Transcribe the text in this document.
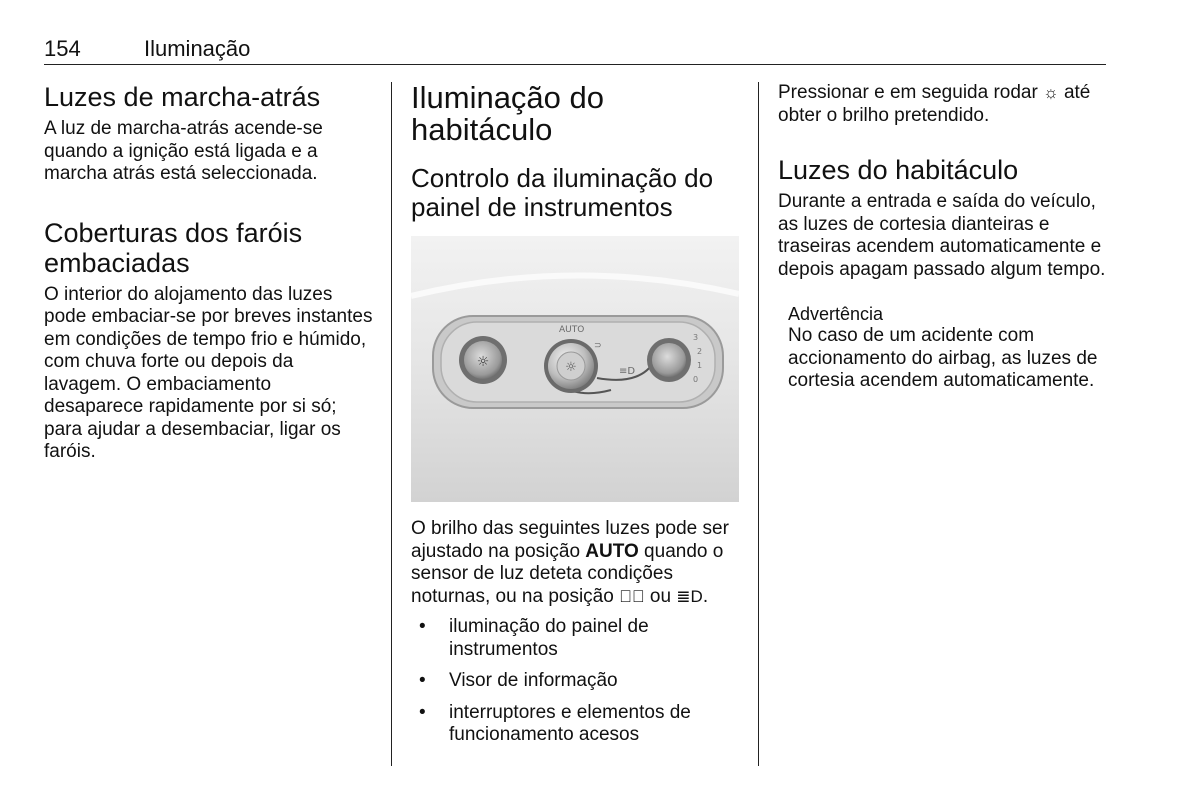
154	Iluminação
Luzes de marcha-atrás

A luz de marcha-atrás acende-se quando a ignição está ligada e a marcha atrás está seleccionada.

Coberturas dos faróis embaciadas

O interior do alojamento das luzes pode embaciar-se por breves instantes em condições de tempo frio e húmido, com chuva forte ou depois da lavagem. O embaciamento desaparece rapidamente por si só; para ajudar a desembaciar, ligar os faróis.

Iluminação do habitáculo
Controlo da iluminação do painel de instrumentos
☼	☼
AUTO
⊃
≡D
3
2
1
0

O brilho das seguintes luzes pode ser ajustado na posição AUTO quando o sensor de luz deteta condições noturnas, ou na posição ⁼᪷ ou ≣D.

• iluminação do painel de instrumentos
• Visor de informação
• interruptores e elementos de funcionamento acesos

Pressionar e em seguida rodar ☼ até obter o brilho pretendido.

Luzes do habitáculo

Durante a entrada e saída do veículo, as luzes de cortesia dianteiras e traseiras acendem automaticamente e depois apagam passado algum tempo.

Advertência

No caso de um acidente com accionamento do airbag, as luzes de cortesia acendem automaticamente.
